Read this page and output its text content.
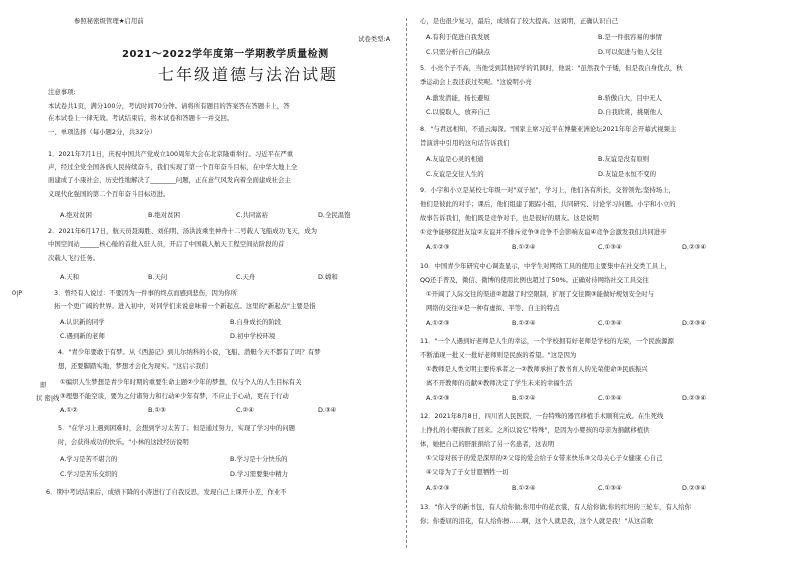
参照秘密级管理★启用前
试卷类型:A
2021～2022学年度第一学期教学质量检测
七年级道德与法治试题
0|P
即
状 密|线
注意事项:
本试卷共1页，满分100分，考试时间70分钟。请将所有题目的答案答在答题卡上，答
在本试卷上一律无效。考试结束后，将本试卷和答题卡一并交回。
一、单项选择（每小题2分，共32分）
1．2021年7月1日，庆祝中国共产党成立100周年大会在北京隆重举行。习近平在严重
声，经过全党全国各族人民持续奋斗，我们实现了第一个百年奋斗目标，在中华大地上全
面建成了小康社会，历史性地解决了________问题，正在意气风发向着全面建成社会主
义现代化强国的第二个百年奋斗目标迈进。
A.绝对贫困	B.绝对贫困	C.共同富裕	D.全民温饱
2．2021年6月17日，航天员聂海胜、刘伯明、汤洪波乘坐神舟十二号载人飞船成功飞天，成为
中国空间站______核心舱的首批入驻人员，开启了中国载人航天工程空间站阶段的首
次载人飞行任务。
A.天和	B.天问	C.天舟	D.嫦和
3．曾经有人说过：不要因为一件事的终点而感到悲伤，因为你所
拓一个更广阔的世界。进入初中，对同学们来说意味着一个新起点。这里的"新起点"主要是指
A.认识新的同学	B.自身成长的阶段
C.遇到新的老师	D.初中学校环境
4．"青少年要敢于有梦。从《西游记》到儿尔纳科的小说，飞船、潜艇今天不都有了吗？有梦
想，还要脚踏实地，梦想才会化为现实。"这启示我们
①编织人生梦想是青少年时期的重要生命主题②少年的梦想，仅与个人的人生目标有关
③理想不能空谈，要为之付诸努力和行动④少年有梦，不应止于心动，更在于行动
A.①②	B.①③	C.②④	D.③④
5．"在学习上遇到困难时，会想到学习太苦了；但是通过努力，实现了学习中的问题
时，会获得成功的快乐。"小林的这段经历说明
A.学习是苦不堪言的	B.学习是十分快乐的
C.学习是苦乐交织的	D.学习需要集中精力
6．期中考试结束后，成绩下降的小涛进行了自我反思，发现自己上课开小差，作业不
心，是也很少复习，最后，成绩有了较大提高。这说明，正确认识自己
A.有利于促进自我发展	B.是一件很容易的事情
C.只需分析自己的缺点	D.可以促进与他人交往
5．小亮个子不高，当他受到其他同学的讥讽时，他说："虽然我个子矮，但是我自身优点，秋
季运动会上我还获过奖呢。"这说明小亮
A.激发潜能，扬长避短	B.骄傲自大，目中无人
C.以貌取人，放弃自己	D.自我欣赏，挑剔他人
8．"与君远相知，不道云海深。"国家主席习近平在博鳌亚洲论坛2021年年会开幕式视频主
旨演讲中引用的这句话告诉我们
A.友谊是心灵的相通	B.友谊是没有原则
C.友谊是交往人生的	D.友谊是永恒不变的
9．小宇和小立是某校七年级一对"双子星"，学习上，他们各有所长，交替领先;坚持场上，
他们是彼此的对手；课后，他们组建了跟踪小组，共同研究、讨论学习问题。小宇和小立的
故事告诉我们，他们既是竞争对手，也是很好的朋友。这是说明
①竞争能够促进友谊②友谊并不排斥竞争③竞争不会影响友谊④竞争会激发我们共同进步
A.①②③	B.①②④	C.①③④	D.②③④
10．中国青少年研究中心调查显示，中学生对网络工具的使用主要集中在社交类工具上，
QQ还手普及，微信、微博的使用比例也超过了50%。正确对待网络社交工具交往
①开阔了人际交往的渠道②超越了时空限制，扩展了交往圈③能做好规划安全时与
网络的交往④是一种有虚拟、平等、自主的特点
A.①②③	B.①②④	C.①③④	D.②③④
11．"一个人遇到好老师是人生的幸运，一个学校拥有好老师是学校的光荣，一个民族源源
不断涌现一批又一批好老师则是民族的希望。"这是因为
①教师是人类文明主要传承者之一②教师承担了教书育人的光荣使命③民族振兴
离不开教师的贡献④教师决定了学生未来的幸福生活
A.①②③	B.①②④	C.①③④	D.②③④
12．2021年8月8日，四川省人民医院，一台特殊的器官移植手术顺利完成。在生死线
上挣扎的小婴孩救了回来。之所以说它"特殊"，是因为小婴孩的母亲为捐献移植供
体，她把自己的肝脏捐给了另一名患者，这表明
①父母对孩子的爱是深厚的②父母的爱会给子女带来快乐③父母关心子女健康 心自己
④父母为了子女甘愿牺牲一切
A.①②③	B.①②④	C.①③④	D.②③④
13．"你入学的新书包，有人给你做;你用中的花衣裳，有人给你做;你的红坦的三轮车，有人给你
你；你委屈的泪花，有人给你擦……啊，这个人就是我，这个人就是我！"从这首歌
